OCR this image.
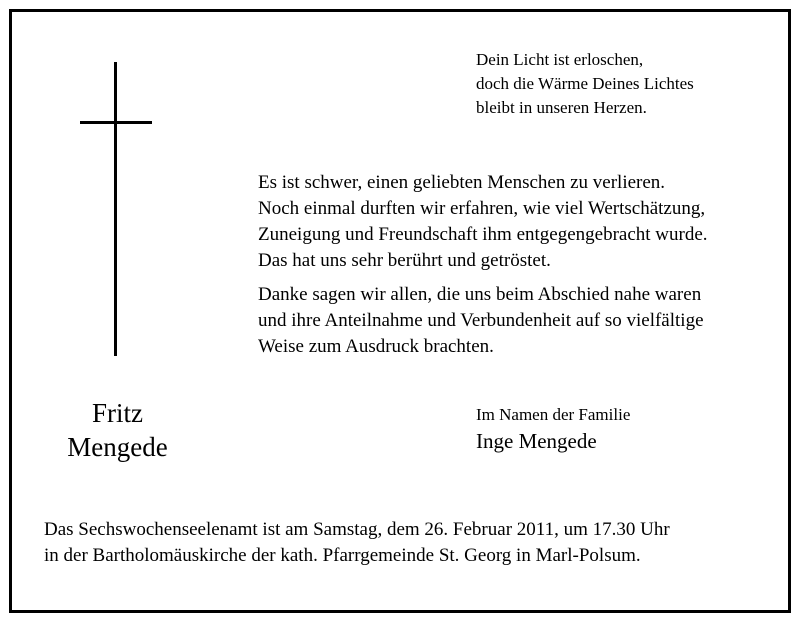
Dein Licht ist erloschen,
doch die Wärme Deines Lichtes
bleibt in unseren Herzen.
Es ist schwer, einen geliebten Menschen zu verlieren.
Noch einmal durften wir erfahren, wie viel Wertschätzung,
Zuneigung und Freundschaft ihm entgegengebracht wurde.
Das hat uns sehr berührt und getröstet.
Danke sagen wir allen, die uns beim Abschied nahe waren
und ihre Anteilnahme und Verbundenheit auf so vielfältige
Weise zum Ausdruck brachten.
Fritz
Mengede
Im Namen der Familie
Inge Mengede
Das Sechswochenseelenamt ist am Samstag, dem 26. Februar 2011, um 17.30 Uhr
in der Bartholomäuskirche der kath. Pfarrgemeinde St. Georg in Marl-Polsum.
